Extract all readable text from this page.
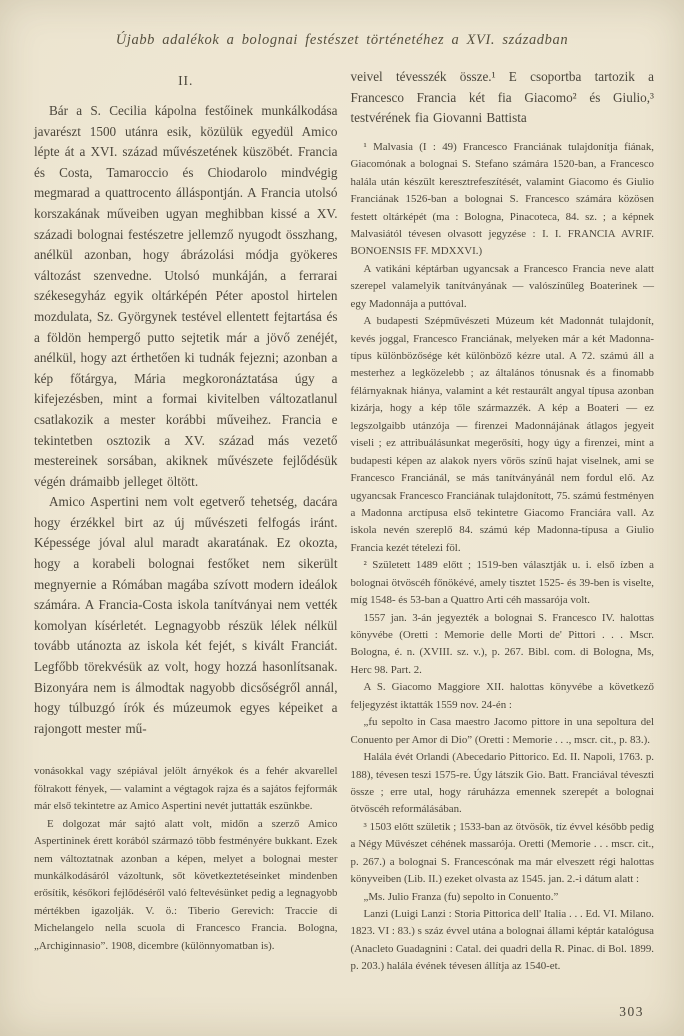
Újabb adalékok a bolognai festészet történetéhez a XVI. században
II.

Bár a S. Cecilia kápolna festőinek munkálkodása javarészt 1500 utánra esik, közülük egyedül Amico lépte át a XVI. század művészetének küszöbét. Francia és Costa, Tamaroccio és Chiodarolo mindvégig megmarad a quattrocento álláspontján. A Francia utolsó korszakának műveiben ugyan meghibban kissé a XV. századi bolognai festészetre jellemző nyugodt összhang, anélkül azonban, hogy ábrázolási módja gyökeres változást szenvedne. Utolsó munkáján, a ferrarai székesegyház egyik oltárképén Péter apostol hirtelen mozdulata, Sz. Györgynek testével ellentett fejtartása és a földön hempergő putto sejtetik már a jövő zenéjét, anélkül, hogy azt érthetően ki tudnák fejezni; azonban a kép főtárgya, Mária megkoronáztatása úgy a kifejezésben, mint a formai kivitelben változatlanul csatlakozik a mester korábbi műveihez. Francia e tekintetben osztozik a XV. század más vezető mestereinek sorsában, akiknek művészete fejlődésük végén drámaibb jelleget öltött.

Amico Aspertini nem volt egetverő tehetség, dacára hogy érzékkel birt az új művészeti felfogás iránt. Képessége jóval alul maradt akaratának. Ez okozta, hogy a korabeli bolognai festőket nem sikerült megnyernie a Rómában magába szívott modern ideálok számára. A Francia-Costa iskola tanítványai nem vették komolyan kísérletét. Legnagyobb részük lélek nélkül tovább utánozta az iskola két fejét, s kivált Franciát. Legfőbb törekvésük az volt, hogy hozzá hasonlítsanak. Bizonyára nem is álmodtak nagyobb dicsőségről annál, hogy túlbuzgó írók és múzeumok egyes képeiket a rajongott mester mű-

vonásokkal vagy szépiával jelölt árnyékok és a fehér akvarellel fölrakott fények, — valamint a végtagok rajza és a sajátos fejformák már első tekintetre az Amico Aspertini nevét juttatták eszünkbe.

E dolgozat már sajtó alatt volt, midőn a szerző Amico Aspertininek érett korából származó több festményére bukkant. Ezek nem változtatnak azonban a képen, melyet a bolognai mester munkálkodásáról vázoltunk, sőt következtetéseinket mindenben erősítik, későkori fejlődéséről való feltevésünket pedig a legnagyobb mértékben igazolják. V. ö.: Tiberio Gerevich: Traccie di Michelangelo nella scuola di Francesco Francia. Bologna, „Archiginnasio”. 1908, dicembre (különnyomatban is).

veivel tévesszék össze.¹ E csoportba tartozik a Francesco Francia két fia Giacomo² és Giulio,³ testvérének fia Giovanni Battista

¹ Malvasia (I : 49) Francesco Franciának tulajdonítja fiának, Giacomónak a bolognai S. Stefano számára 1520-ban, a Francesco halála után készült keresztrefeszítését, valamint Giacomo és Giulio Franciának 1526-ban a bolognai S. Francesco számára közösen festett oltárképét (ma : Bologna, Pinacoteca, 84. sz. ; a képnek Malvasiától tévesen olvasott jegyzése : I. I. FRANCIA AVRIF. BONOENSIS FF. MDXXVI.)

A vatikáni képtárban ugyancsak a Francesco Francia neve alatt szerepel valamelyik tanítványának — valószínűleg Boaterinek — egy Madonnája a puttóval.

A budapesti Szépművészeti Múzeum két Madonnát tulajdonít, kevés joggal, Francesco Franciának, melyeken már a két Madonna-típus különbözősége két különböző kézre utal. A 72. számú áll a mesterhez a legközelebb ; az általános tónusnak és a finomabb félárnyaknak hiánya, valamint a két restaurált angyal típusa azonban kizárja, hogy a kép tőle származzék. A kép a Boateri — ez legszolgaibb utánzója — firenzei Madonnájának átlagos jegyeit viseli ; ez attribuálásunkat megerősíti, hogy úgy a firenzei, mint a budapesti képen az alakok nyers vörös színű hajat viselnek, ami se Francesco Franciánál, se más tanítványánál nem fordul elő. Az ugyancsak Francesco Franciának tulajdonított, 75. számú festményen a Madonna arctípusa első tekintetre Giacomo Franciára vall. Az iskola nevén szereplő 84. számú kép Madonna-típusa a Giulio Francia kezét tételezi föl.

² Született 1489 előtt ; 1519-ben választják u. i. első ízben a bolognai ötvöscéh főnökévé, amely tisztet 1525- és 39-ben is viselte, míg 1548- és 53-ban a Quattro Arti céh massarója volt.

1557 jan. 3-án jegyezték a bolognai S. Francesco IV. halottas könyvébe (Oretti : Memorie delle Morti de' Pittori . . . Mscr. Bologna, é. n. (XVIII. sz. v.), p. 267. Bibl. com. di Bologna, Ms, Herc 98. Part. 2.

A S. Giacomo Maggiore XII. halottas könyvébe a következő feljegyzést iktatták 1559 nov. 24-én :

„fu sepolto in Casa maestro Jacomo pittore in una sepoltura del Conuento per Amor di Dio” (Oretti : Memorie . . ., mscr. cit., p. 83.).

Halála évét Orlandi (Abecedario Pittorico. Ed. II. Napoli, 1763. p. 188), tévesen teszi 1575-re. Úgy látszik Gio. Batt. Franciával téveszti össze ; erre utal, hogy ráruházza emennek szerepét a bolognai ötvöscéh reformálásában.

³ 1503 előtt születik ; 1533-ban az ötvösök, tíz évvel később pedig a Négy Művészet céhének massarója. Oretti (Memorie . . . mscr. cit., p. 267.) a bolognai S. Francescónak ma már elveszett régi halottas könyveiben (Lib. II.) ezeket olvasta az 1545. jan. 2.-i dátum alatt :

„Ms. Julio Franza (fu) sepolto in Conuento.”

Lanzi (Luigi Lanzi : Storia Pittorica dell' Italia . . . Ed. VI. Milano. 1823. VI : 83.) s száz évvel utána a bolognai állami képtár katalógusa (Anacleto Guadagnini : Catal. dei quadri della R. Pinac. di Bol. 1899. p. 203.) halála évének tévesen állítja az 1540-et.

303
